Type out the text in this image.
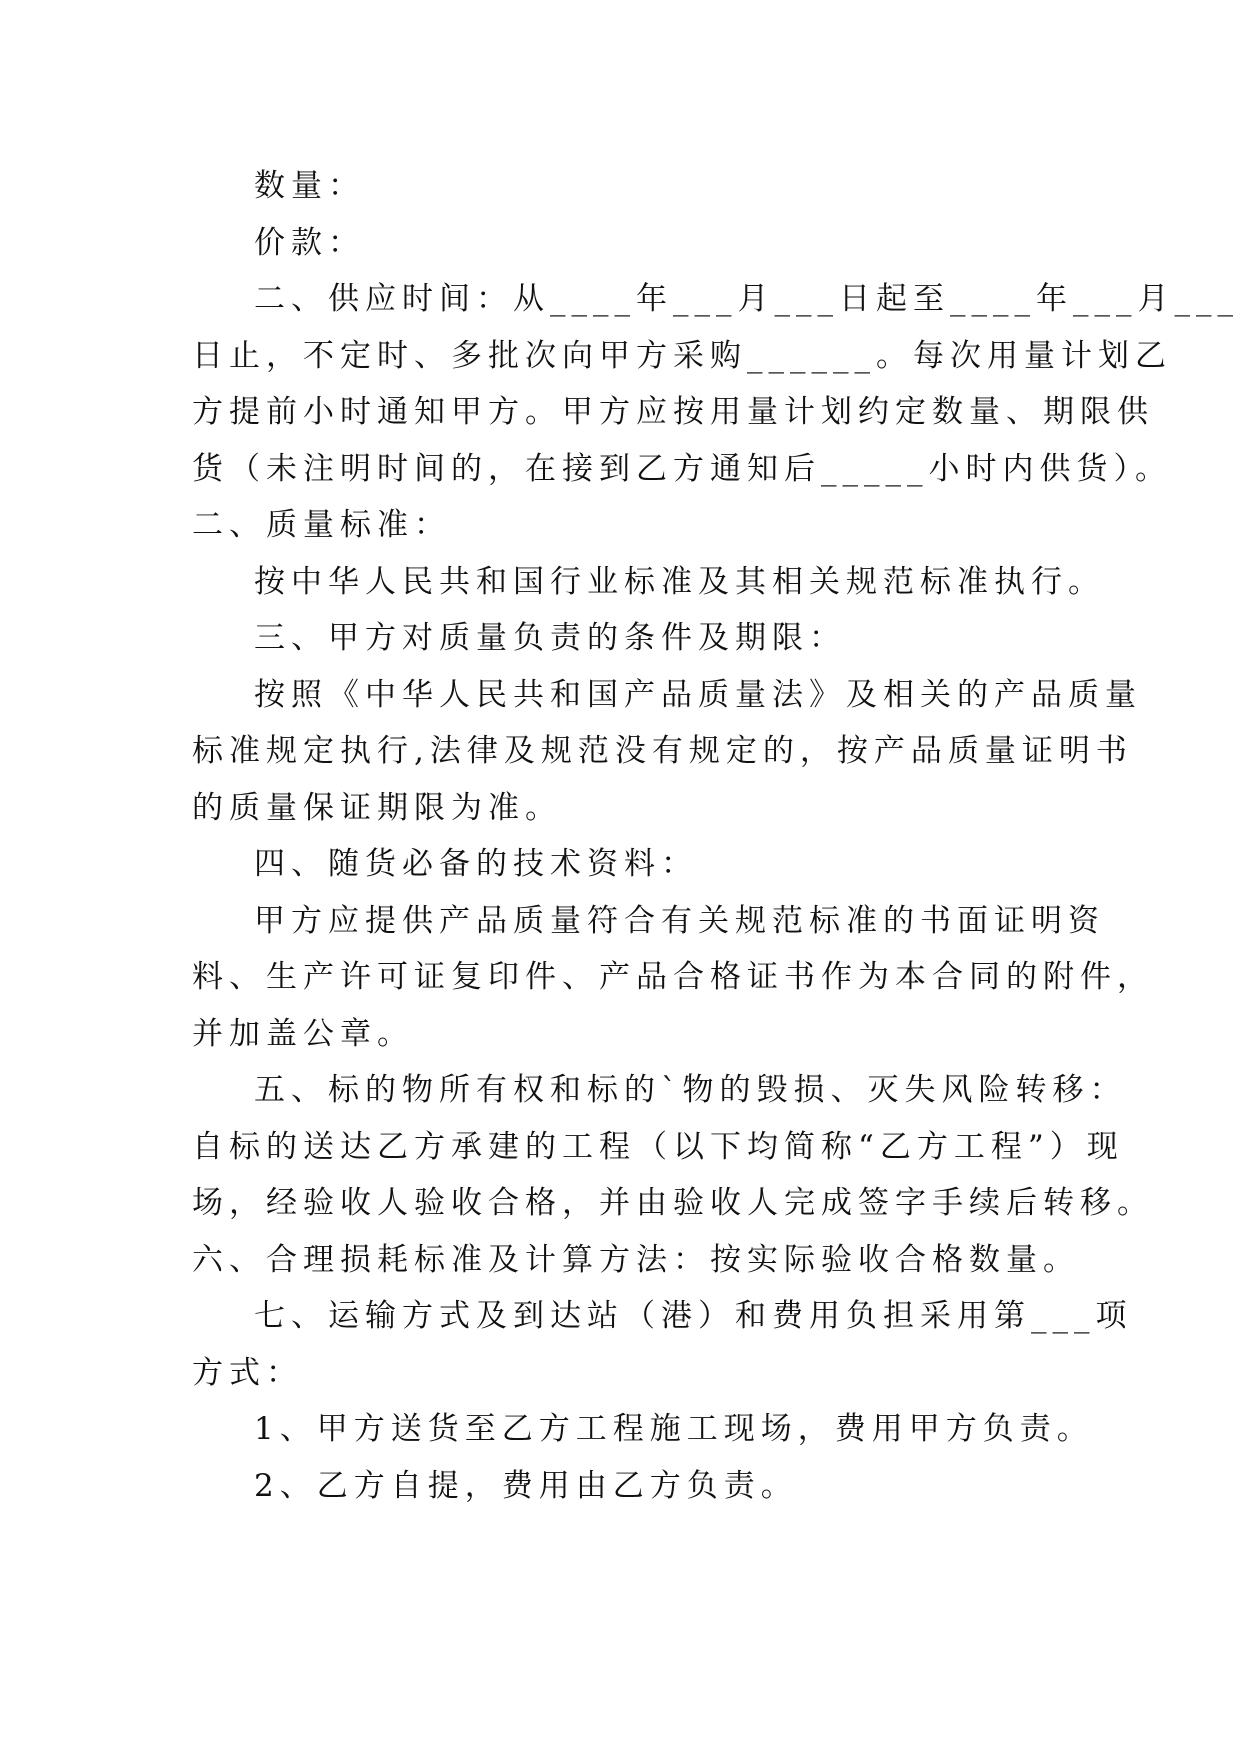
数量：
价款：
二、供应时间：从____年___月___日起至____年___月___
日止，不定时、多批次向甲方采购______。每次用量计划乙
方提前小时通知甲方。甲方应按用量计划约定数量、期限供
货（未注明时间的，在接到乙方通知后_____小时内供货）。
二、质量标准：
按中华人民共和国行业标准及其相关规范标准执行。
三、甲方对质量负责的条件及期限：
按照《中华人民共和国产品质量法》及相关的产品质量
标准规定执行,法律及规范没有规定的，按产品质量证明书
的质量保证期限为准。
四、随货必备的技术资料：
甲方应提供产品质量符合有关规范标准的书面证明资
料、生产许可证复印件、产品合格证书作为本合同的附件，
并加盖公章。
五、标的物所有权和标的`物的毁损、灭失风险转移：
自标的送达乙方承建的工程（以下均简称“乙方工程”）现
场，经验收人验收合格，并由验收人完成签字手续后转移。
六、合理损耗标准及计算方法：按实际验收合格数量。
七、运输方式及到达站（港）和费用负担采用第___项
方式：
1、甲方送货至乙方工程施工现场，费用甲方负责。
2、乙方自提，费用由乙方负责。
